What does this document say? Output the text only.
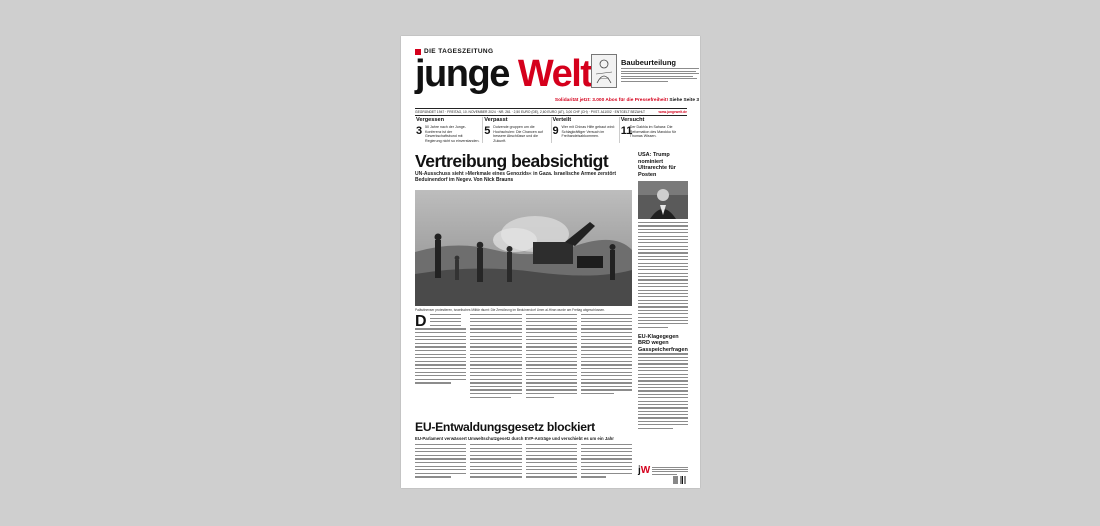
DIE TAGESZEITUNG
junge Welt	Baubeurteilung
Solidarität jetzt: 3.000 Abos für die Pressefreiheit! Siehe Seite 3
GEGRÜNDET 1947 · FREITAG, 10. NOVEMBER 2024 · NR. 261 · 2,50 EURO (DE), 2,60 EURO (AT), 3,00 CHF (CH) · PVST. A11002 · ENTGELT BEZAHLT	www.jungewelt.de
Vergessen
3 50 Jahre nach der Junge-Konferenz ist der Gewerkschaftsbund mit Regierung nicht so einverstanden.
Verpasst
5 Dutzende gruppen um die Hochschulen: Die Chancen auf bessere Abschlüsse und die Zukunft.
Verteilt
9 Wer mit Chinas Hilfe gebaut wird: Schlagkräftiger Versuch im Freihandelsabkommen.
Versucht
11
Der Dakhla im Sahara: Die Reformation des Marokko für Thomas Wissen.
Vertreibung beabsichtigt
UN-Ausschuss sieht »Merkmale eines Genozids« in Gaza. Israelische Armee zerstört Beduinendorf im Negev. Von Nick Brauns
Palästinenser protestieren, israelisches Militär räumt: Die Zerstörung im Beduinendorf Umm al-Hiran wurde am Freitag abgeschlossen.
D
USA: Trump nominiert Ultrarechte für Posten
EU-Klagegegen BRD wegen Gasspeicherfragen
EU-Entwaldungsgesetz blockiert
EU-Parlament verwässert Umweltschutzgesetz durch EVP-Anträge und verschiebt es um ein Jahr
jW
